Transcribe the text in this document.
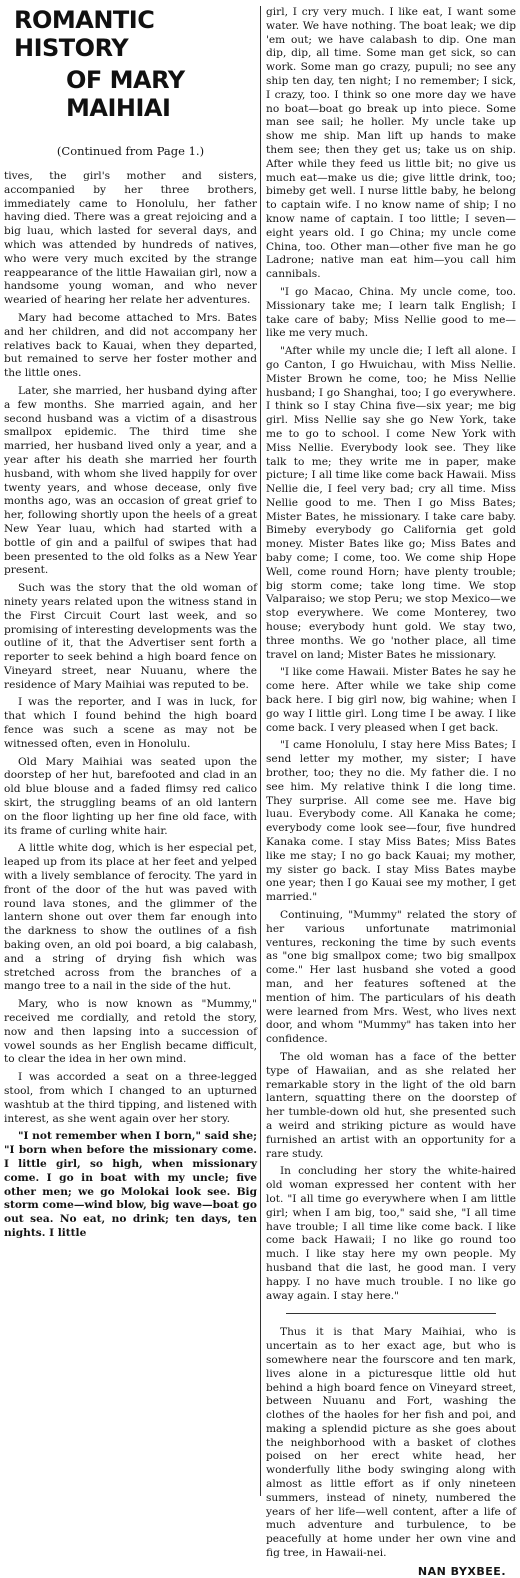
ROMANTIC HISTORY
OF MARY MAIHIAI
(Continued from Page 1.)

tives, the girl's mother and sisters, accompanied by her three brothers, immediately came to Honolulu, her father having died. There was a great rejoicing and a big luau, which lasted for several days, and which was attended by hundreds of natives, who were very much excited by the strange reappearance of the little Hawaiian girl, now a handsome young woman, and who never wearied of hearing her relate her adventures.

Mary had become attached to Mrs. Bates and her children, and did not accompany her relatives back to Kauai, when they departed, but remained to serve her foster mother and the little ones.

Later, she married, her husband dying after a few months. She married again, and her second husband was a victim of a disastrous smallpox epidemic. The third time she married, her husband lived only a year, and a year after his death she married her fourth husband, with whom she lived happily for over twenty years, and whose decease, only five months ago, was an occasion of great grief to her, following shortly upon the heels of a great New Year luau, which had started with a bottle of gin and a pailful of swipes that had been presented to the old folks as a New Year present.

Such was the story that the old woman of ninety years related upon the witness stand in the First Circuit Court last week, and so promising of interesting developments was the outline of it, that the Advertiser sent forth a reporter to seek behind a high board fence on Vineyard street, near Nuuanu, where the residence of Mary Maihiai was reputed to be.

I was the reporter, and I was in luck, for that which I found behind the high board fence was such a scene as may not be witnessed often, even in Honolulu.

Old Mary Maihiai was seated upon the doorstep of her hut, barefooted and clad in an old blue blouse and a faded flimsy red calico skirt, the struggling beams of an old lantern on the floor lighting up her fine old face, with its frame of curling white hair.

A little white dog, which is her especial pet, leaped up from its place at her feet and yelped with a lively semblance of ferocity. The yard in front of the door of the hut was paved with round lava stones, and the glimmer of the lantern shone out over them far enough into the darkness to show the outlines of a fish baking oven, an old poi board, a big calabash, and a string of drying fish which was stretched across from the branches of a mango tree to a nail in the side of the hut.

Mary, who is now known as "Mummy," received me cordially, and retold the story, now and then lapsing into a succession of vowel sounds as her English became difficult, to clear the idea in her own mind.

I was accorded a seat on a three-legged stool, from which I changed to an upturned washtub at the third tipping, and listened with interest, as she went again over her story.

"I not remember when I born," said she; "I born when before the missionary come. I little girl, so high, when missionary come. I go in boat with my uncle; five other men; we go Molokai look see. Big storm come—wind blow, big wave—boat go out sea. No eat, no drink; ten days, ten nights. I little

girl, I cry very much. I like eat, I want some water. We have nothing. The boat leak; we dip 'em out; we have calabash to dip. One man dip, dip, all time. Some man get sick, so can work. Some man go crazy, pupuli; no see any ship ten day, ten night; I no remember; I sick, I crazy, too. I think so one more day we have no boat—boat go break up into piece. Some man see sail; he holler. My uncle take up show me ship. Man lift up hands to make them see; then they get us; take us on ship. After while they feed us little bit; no give us much eat—make us die; give little drink, too; bimeby get well. I nurse little baby, he belong to captain wife. I no know name of ship; I no know name of captain. I too little; I seven—eight years old. I go China; my uncle come China, too. Other man—other five man he go Ladrone; native man eat him—you call him cannibals.

"I go Macao, China. My uncle come, too. Missionary take me; I learn talk English; I take care of baby; Miss Nellie good to me—like me very much.

"After while my uncle die; I left all alone. I go Canton, I go Hwuichau, with Miss Nellie. Mister Brown he come, too; he Miss Nellie husband; I go Shanghai, too; I go everywhere. I think so I stay China five—six year; me big girl. Miss Nellie say she go New York, take me to go to school. I come New York with Miss Nellie. Everybody look see. They like talk to me; they write me in paper, make picture; I all time like come back Hawaii. Miss Nellie die, I feel very bad; cry all time. Miss Nellie good to me. Then I go Miss Bates; Mister Bates, he missionary. I take care baby. Bimeby everybody go California get gold money. Mister Bates like go; Miss Bates and baby come; I come, too. We come ship Hope Well, come round Horn; have plenty trouble; big storm come; take long time. We stop Valparaiso; we stop Peru; we stop Mexico—we stop everywhere. We come Monterey, two house; everybody hunt gold. We stay two, three months. We go 'nother place, all time travel on land; Mister Bates he missionary.

"I like come Hawaii. Mister Bates he say he come here. After while we take ship come back here. I big girl now, big wahine; when I go way I little girl. Long time I be away. I like come back. I very pleased when I get back.

"I came Honolulu, I stay here Miss Bates; I send letter my mother, my sister; I have brother, too; they no die. My father die. I no see him. My relative think I die long time. They surprise. All come see me. Have big luau. Everybody come. All Kanaka he come; everybody come look see—four, five hundred Kanaka come. I stay Miss Bates; Miss Bates like me stay; I no go back Kauai; my mother, my sister go back. I stay Miss Bates maybe one year; then I go Kauai see my mother, I get married."

Continuing, "Mummy" related the story of her various unfortunate matrimonial ventures, reckoning the time by such events as "one big smallpox come; two big smallpox come." Her last husband she voted a good man, and her features softened at the mention of him. The particulars of his death were learned from Mrs. West, who lives next door, and whom "Mummy" has taken into her confidence.

The old woman has a face of the better type of Hawaiian, and as she related her remarkable story in the light of the old barn lantern, squatting there on the doorstep of her tumble-down old hut, she presented such a weird and striking picture as would have furnished an artist with an opportunity for a rare study.

In concluding her story the white-haired old woman expressed her content with her lot. "I all time go everywhere when I am little girl; when I am big, too," said she, "I all time have trouble; I all time like come back. I like come back Hawaii; I no like go round too much. I like stay here my own people. My husband that die last, he good man. I very happy. I no have much trouble. I no like go away again. I stay here."

Thus it is that Mary Maihiai, who is uncertain as to her exact age, but who is somewhere near the fourscore and ten mark, lives alone in a picturesque little old hut behind a high board fence on Vineyard street, between Nuuanu and Fort, washing the clothes of the haoles for her fish and poi, and making a splendid picture as she goes about the neighborhood with a basket of clothes poised on her erect white head, her wonderfully lithe body swinging along with almost as little effort as if only nineteen summers, instead of ninety, numbered the years of her life—well content, after a life of much adventure and turbulence, to be peacefully at home under her own vine and fig tree, in Hawaii-nei.

NAN BYXBEE.
